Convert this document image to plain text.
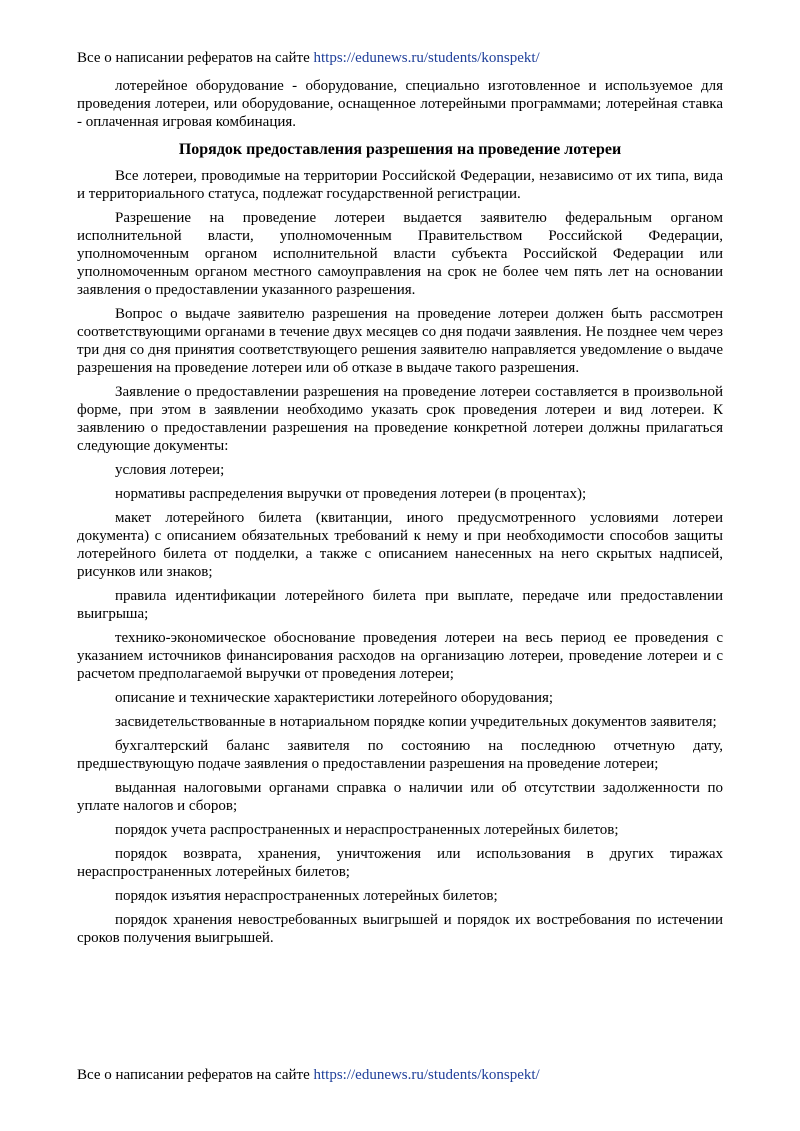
Все о написании рефератов на сайте https://edunews.ru/students/konspekt/

лотерейное оборудование - оборудование, специально изготовленное и используемое для проведения лотереи, или оборудование, оснащенное лотерейными программами; лотерейная ставка - оплаченная игровая комбинация.

Порядок предоставления разрешения на проведение лотереи

Все лотереи, проводимые на территории Российской Федерации, независимо от их типа, вида и территориального статуса, подлежат государственной регистрации.

Разрешение на проведение лотереи выдается заявителю федеральным органом исполнительной власти, уполномоченным Правительством Российской Федерации, уполномоченным органом исполнительной власти субъекта Российской Федерации или уполномоченным органом местного самоуправления на срок не более чем пять лет на основании заявления о предоставлении указанного разрешения.

Вопрос о выдаче заявителю разрешения на проведение лотереи должен быть рассмотрен соответствующими органами в течение двух месяцев со дня подачи заявления. Не позднее чем через три дня со дня принятия соответствующего решения заявителю направляется уведомление о выдаче разрешения на проведение лотереи или об отказе в выдаче такого разрешения.

Заявление о предоставлении разрешения на проведение лотереи составляется в произвольной форме, при этом в заявлении необходимо указать срок проведения лотереи и вид лотереи. К заявлению о предоставлении разрешения на проведение конкретной лотереи должны прилагаться следующие документы:

условия лотереи;

нормативы распределения выручки от проведения лотереи (в процентах);

макет лотерейного билета (квитанции, иного предусмотренного условиями лотереи документа) с описанием обязательных требований к нему и при необходимости способов защиты лотерейного билета от подделки, а также с описанием нанесенных на него скрытых надписей, рисунков или знаков;

правила идентификации лотерейного билета при выплате, передаче или предоставлении выигрыша;

технико-экономическое обоснование проведения лотереи на весь период ее проведения с указанием источников финансирования расходов на организацию лотереи, проведение лотереи и с расчетом предполагаемой выручки от проведения лотереи;

описание и технические характеристики лотерейного оборудования;

засвидетельствованные в нотариальном порядке копии учредительных документов заявителя;

бухгалтерский баланс заявителя по состоянию на последнюю отчетную дату, предшествующую подаче заявления о предоставлении разрешения на проведение лотереи;

выданная налоговыми органами справка о наличии или об отсутствии задолженности по уплате налогов и сборов;

порядок учета распространенных и нераспространенных лотерейных билетов;

порядок возврата, хранения, уничтожения или использования в других тиражах нераспространенных лотерейных билетов;

порядок изъятия нераспространенных лотерейных билетов;

порядок хранения невостребованных выигрышей и порядок их востребования по истечении сроков получения выигрышей.

Все о написании рефератов на сайте https://edunews.ru/students/konspekt/
